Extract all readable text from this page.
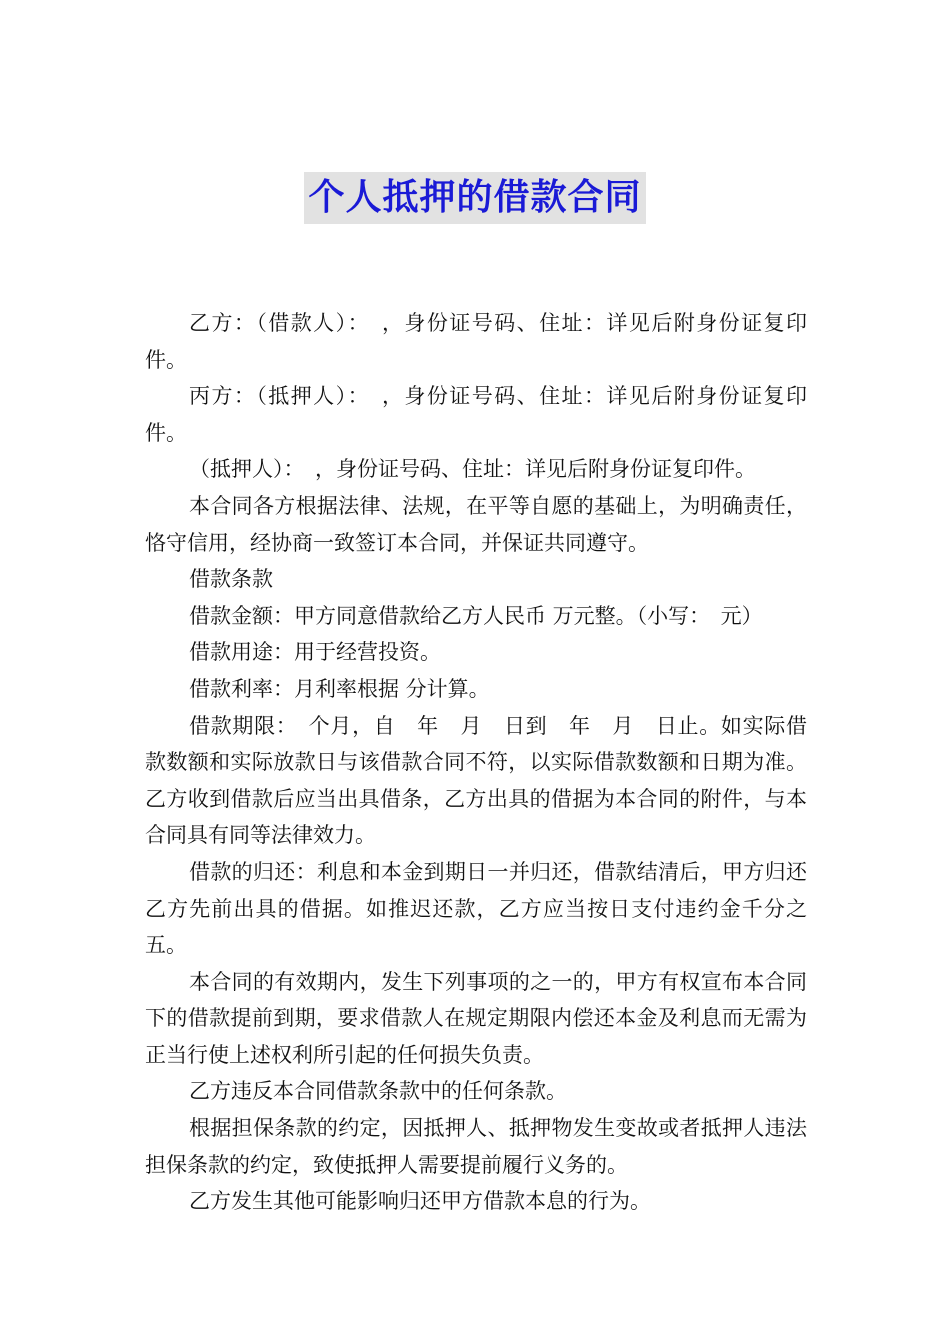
个人抵押的借款合同

乙方：（借款人）：　，身份证号码、住址：详见后附身份证复印件。

丙方：（抵押人）：　，身份证号码、住址：详见后附身份证复印件。

（抵押人）：　，身份证号码、住址：详见后附身份证复印件。

本合同各方根据法律、法规，在平等自愿的基础上，为明确责任，恪守信用，经协商一致签订本合同，并保证共同遵守。

借款条款

借款金额：甲方同意借款给乙方人民币 万元整。（小写：　元）

借款用途：用于经营投资。

借款利率：月利率根据 分计算。

借款期限：　个月，自　年　月　日到　年　月　日止。如实际借款数额和实际放款日与该借款合同不符，以实际借款数额和日期为准。乙方收到借款后应当出具借条，乙方出具的借据为本合同的附件，与本合同具有同等法律效力。

借款的归还：利息和本金到期日一并归还，借款结清后，甲方归还乙方先前出具的借据。如推迟还款，乙方应当按日支付违约金千分之五。

本合同的有效期内，发生下列事项的之一的，甲方有权宣布本合同下的借款提前到期，要求借款人在规定期限内偿还本金及利息而无需为正当行使上述权利所引起的任何损失负责。

乙方违反本合同借款条款中的任何条款。

根据担保条款的约定，因抵押人、抵押物发生变故或者抵押人违法担保条款的约定，致使抵押人需要提前履行义务的。

乙方发生其他可能影响归还甲方借款本息的行为。
